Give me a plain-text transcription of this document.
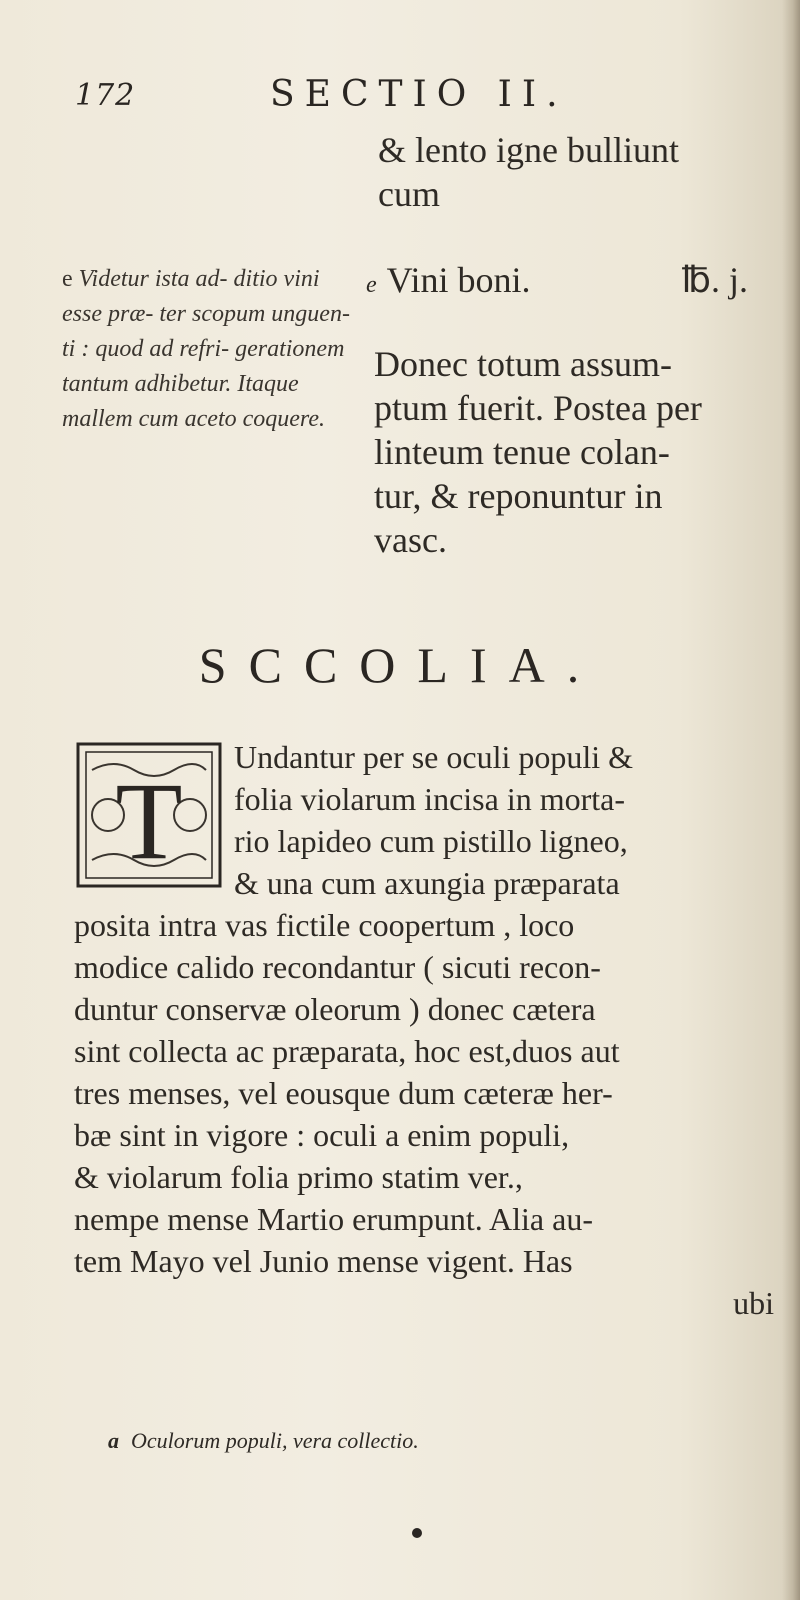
172	SECTIO II.
& lento igne bulliunt
cum
e Videtur ista ad- ditio vini esse præ- ter scopum unguen- ti : quod ad refri- gerationem tantum adhibetur. Itaque mallem cum aceto coquere.
e Vini boni.	℔. j.
Donec totum assum-
ptum fuerit. Postea per
linteum tenue colan-
tur, & reponuntur in
vasc.
SCCOLIA.
T
Undantur per se oculi populi &
folia violarum incisa in morta-
rio lapideo cum pistillo ligneo,
& una cum axungia præparata
posita intra vas fictile coopertum , loco
modice calido recondantur ( sicuti recon-
duntur conservæ oleorum ) donec cætera
sint collecta ac præparata, hoc est,duos aut
tres menses, vel eousque dum cæteræ her-
bæ sint in vigore : oculi a enim populi,
& violarum folia primo statim ver.,
nempe mense Martio erumpunt. Alia au-
tem Mayo vel Junio mense vigent. Has
ubi
a Oculorum populi, vera collectio.
